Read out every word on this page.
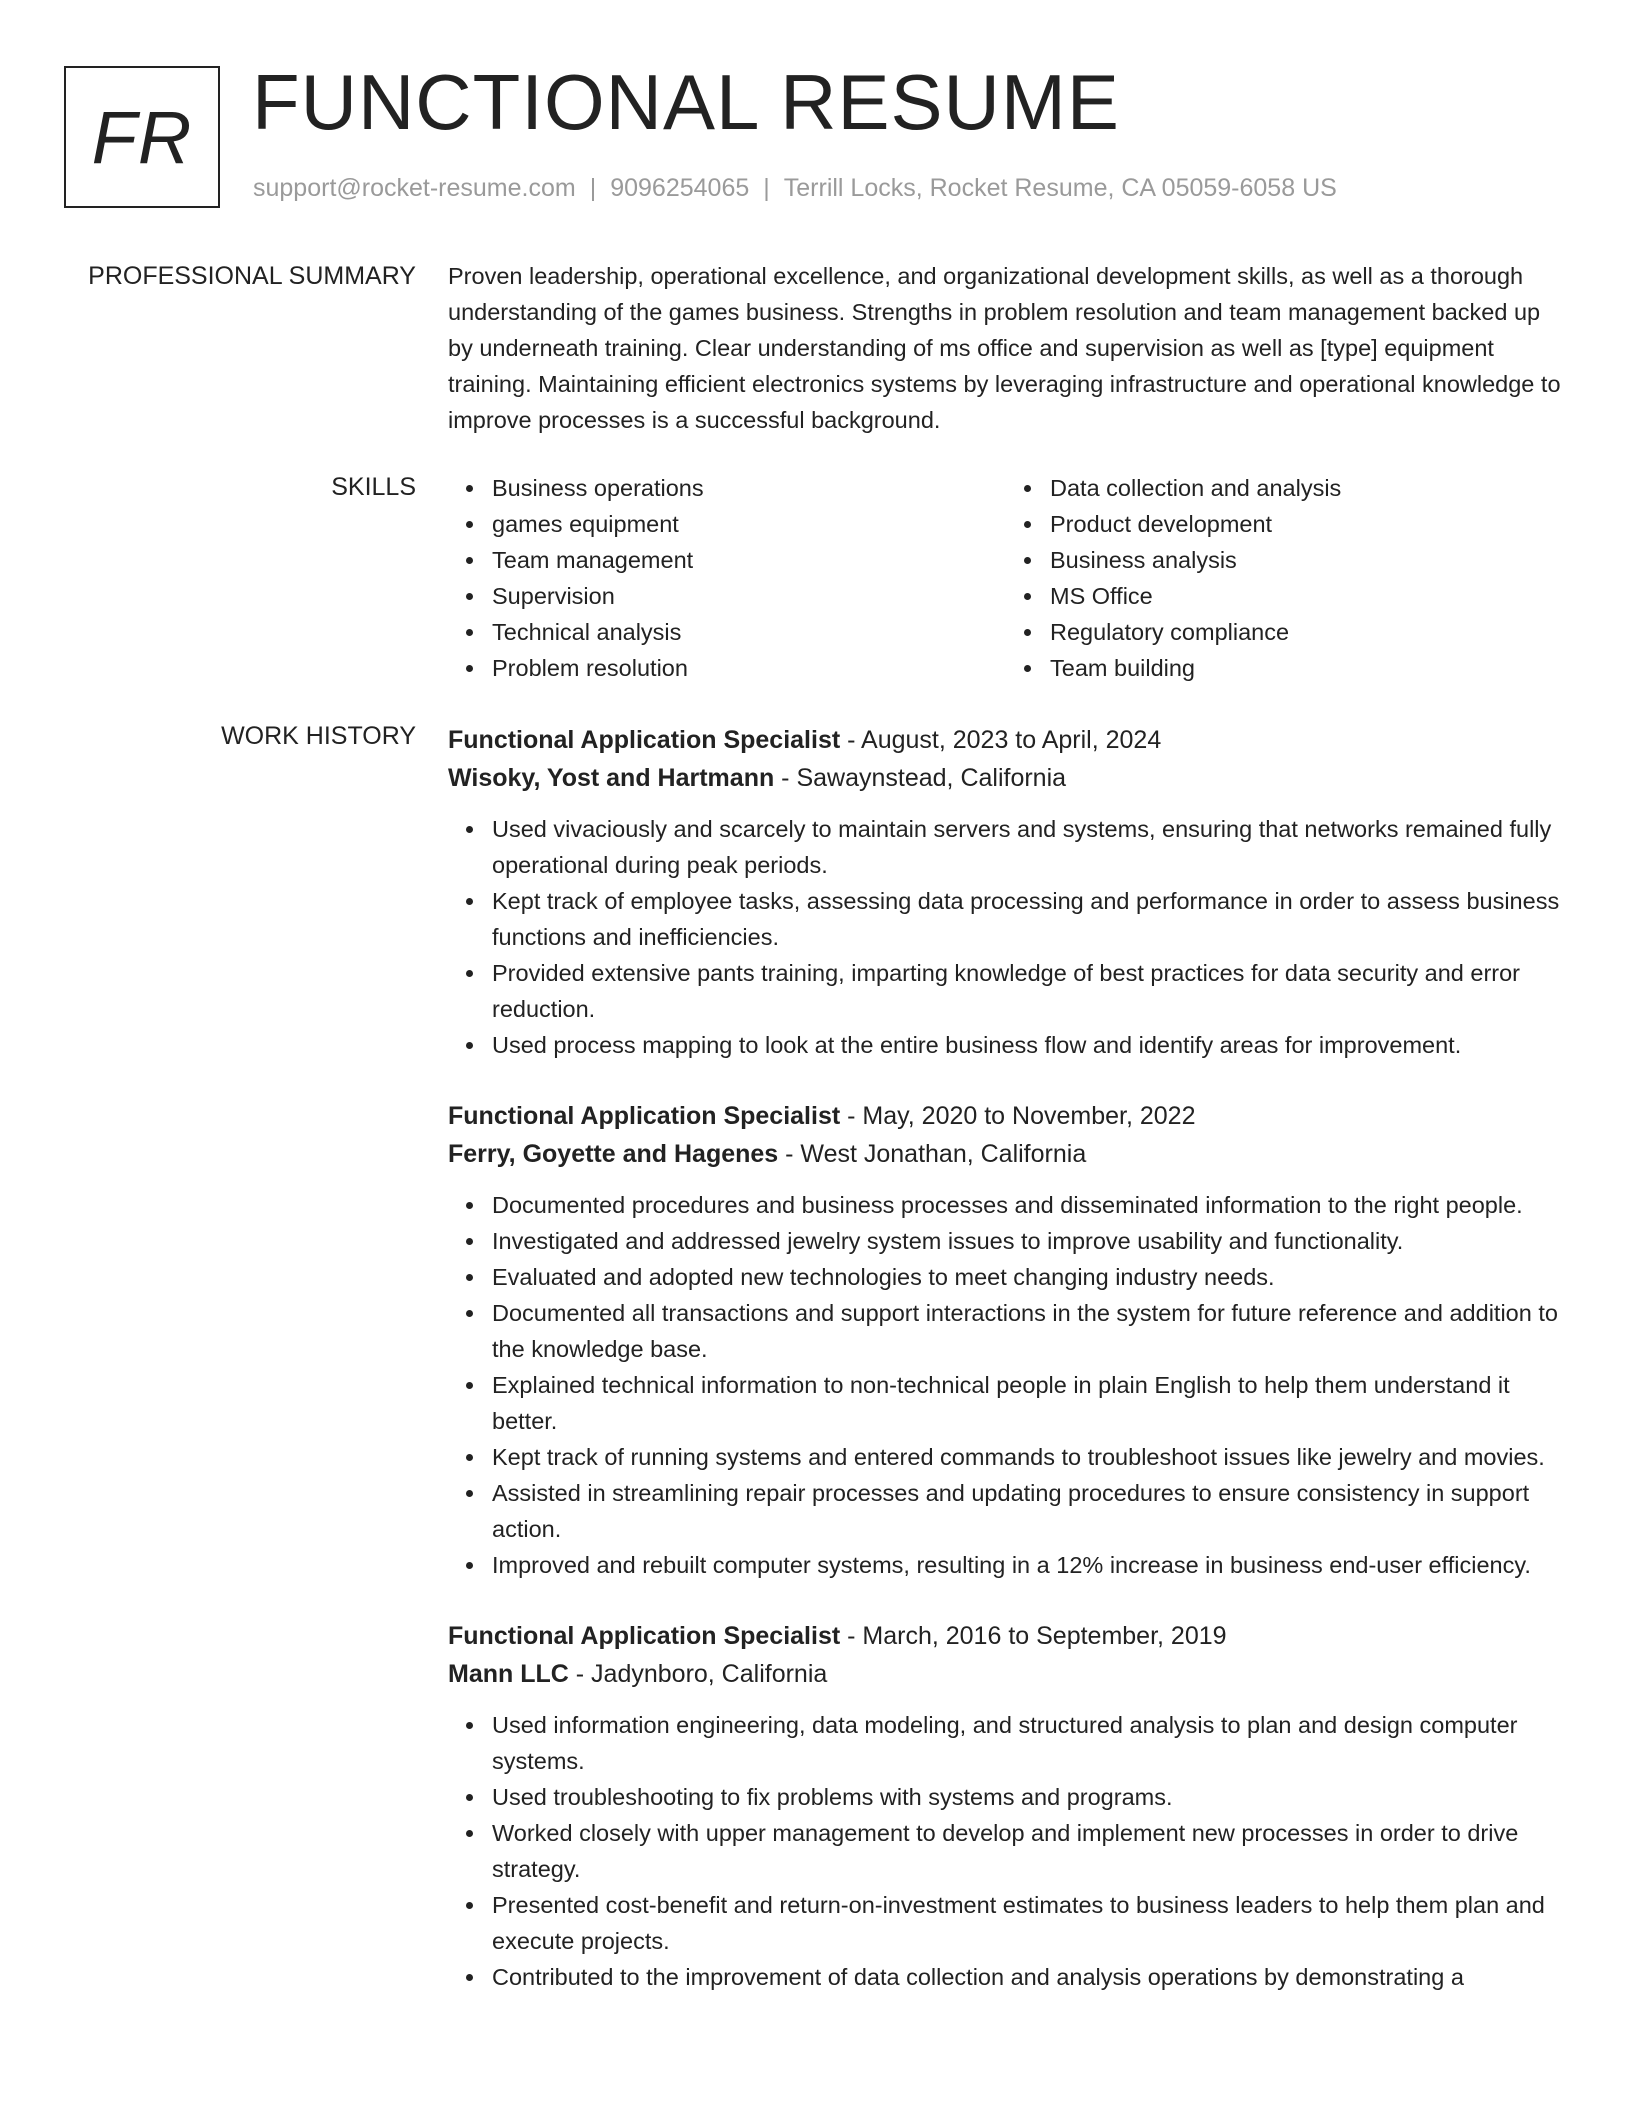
FR FUNCTIONAL RESUME
support@rocket-resume.com | 9096254065 | Terrill Locks, Rocket Resume, CA 05059-6058 US
PROFESSIONAL SUMMARY Proven leadership, operational excellence, and organizational development skills, as well as a thorough understanding of the games business. Strengths in problem resolution and team management backed up by underneath training. Clear understanding of ms office and supervision as well as [type] equipment training. Maintaining efficient electronics systems by leveraging infrastructure and operational knowledge to improve processes is a successful background.

SKILLS	Business operations
games equipment
Team management
Supervision
Technical analysis
Problem resolution
Data collection and analysis
Product development
Business analysis
MS Office
Regulatory compliance
Team building
WORK HISTORY Functional Application Specialist - August, 2023 to April, 2024
Wisoky, Yost and Hartmann - Sawaynstead, California
Used vivaciously and scarcely to maintain servers and systems, ensuring that networks remained fully operational during peak periods.
Kept track of employee tasks, assessing data processing and performance in order to assess business functions and inefficiencies.
Provided extensive pants training, imparting knowledge of best practices for data security and error reduction.
Used process mapping to look at the entire business flow and identify areas for improvement.
Functional Application Specialist - May, 2020 to November, 2022
Ferry, Goyette and Hagenes - West Jonathan, California
Documented procedures and business processes and disseminated information to the right people.
Investigated and addressed jewelry system issues to improve usability and functionality.
Evaluated and adopted new technologies to meet changing industry needs.
Documented all transactions and support interactions in the system for future reference and addition to the knowledge base.
Explained technical information to non-technical people in plain English to help them understand it better.
Kept track of running systems and entered commands to troubleshoot issues like jewelry and movies.
Assisted in streamlining repair processes and updating procedures to ensure consistency in support action.
Improved and rebuilt computer systems, resulting in a 12% increase in business end-user efficiency.
Functional Application Specialist - March, 2016 to September, 2019
Mann LLC - Jadynboro, California
Used information engineering, data modeling, and structured analysis to plan and design computer systems.
Used troubleshooting to fix problems with systems and programs.
Worked closely with upper management to develop and implement new processes in order to drive strategy.
Presented cost-benefit and return-on-investment estimates to business leaders to help them plan and execute projects.
Contributed to the improvement of data collection and analysis operations by demonstrating a
